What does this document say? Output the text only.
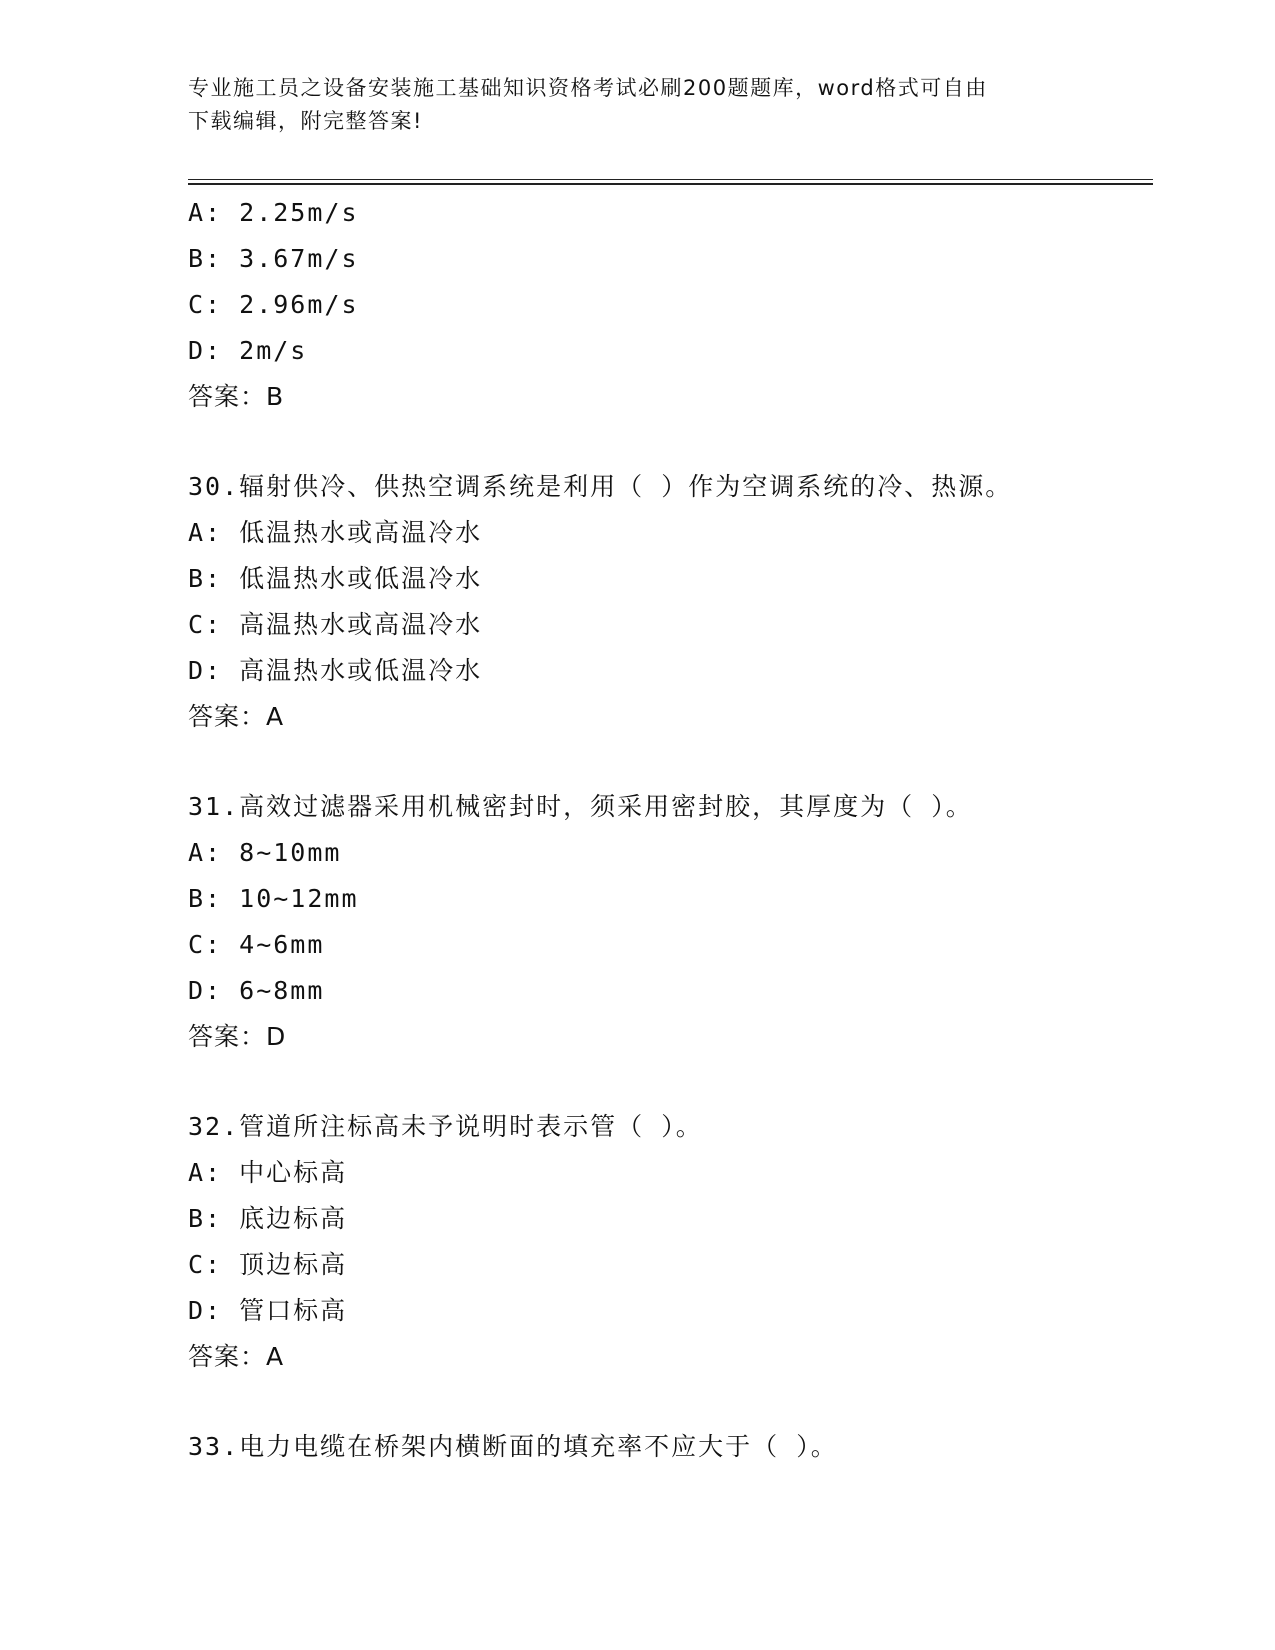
专业施工员之设备安装施工基础知识资格考试必刷200题题库，word格式可自由
下载编辑，附完整答案!
A: 2.25m/s
B: 3.67m/s
C: 2.96m/s
D: 2m/s
答案：B
30.辐射供冷、供热空调系统是利用（ ）作为空调系统的冷、热源。
A: 低温热水或高温冷水
B: 低温热水或低温冷水
C: 高温热水或高温冷水
D: 高温热水或低温冷水
答案：A
31.高效过滤器采用机械密封时，须采用密封胶，其厚度为（ ）。
A: 8~10mm
B: 10~12mm
C: 4~6mm
D: 6~8mm
答案：D
32.管道所注标高未予说明时表示管（ ）。
A: 中心标高
B: 底边标高
C: 顶边标高
D: 管口标高
答案：A
33.电力电缆在桥架内横断面的填充率不应大于（ ）。
